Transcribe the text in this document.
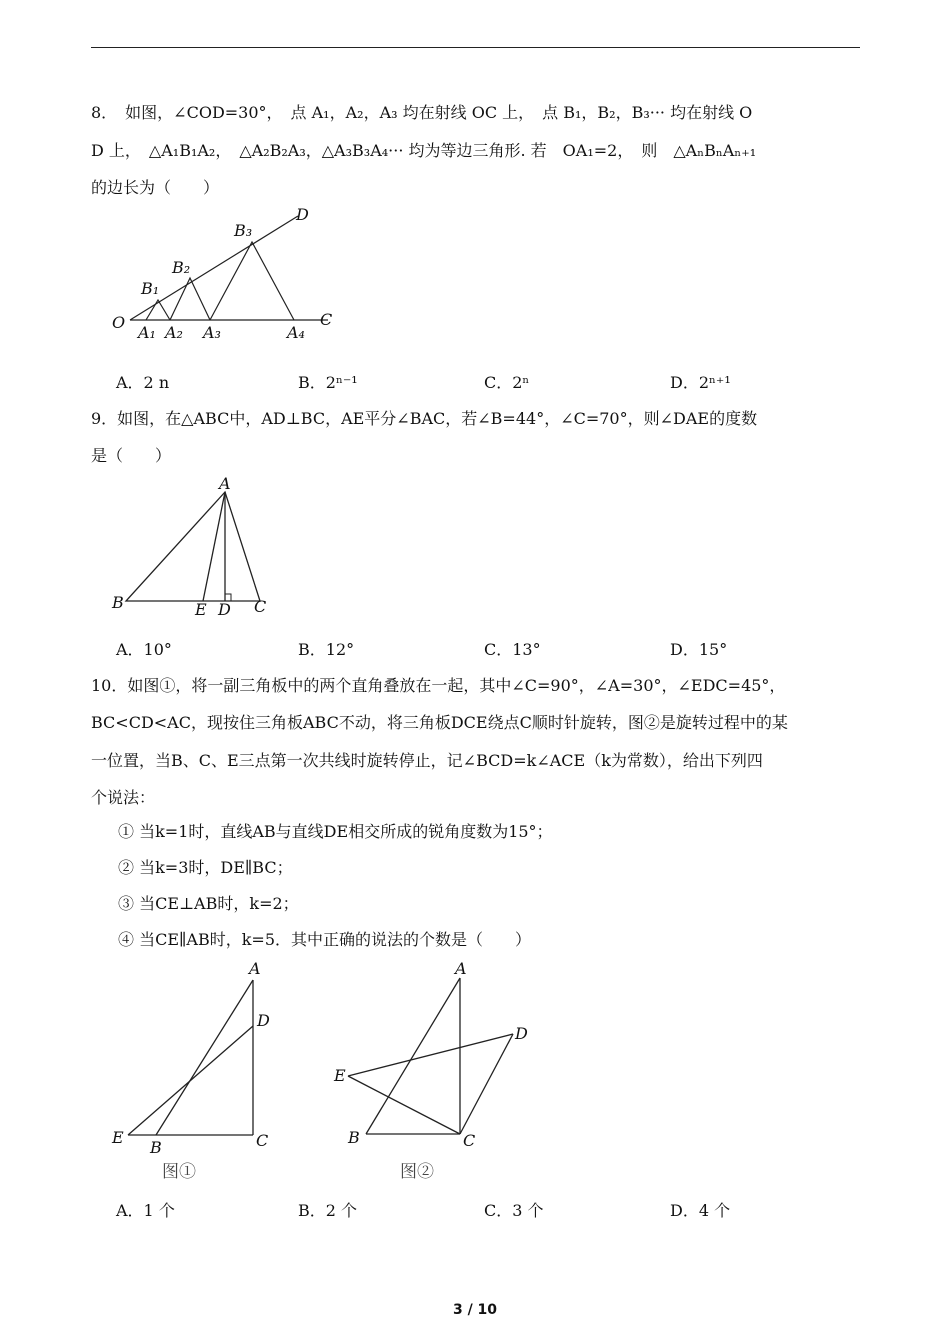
8．　如图，∠COD=30°，　点 A₁，A₂，A₃ 均在射线 OC 上，　点 B₁，B₂，B₃··· 均在射线 O
D 上，　△A₁B₁A₂，　△A₂B₂A₃，△A₃B₃A₄··· 均为等边三角形. 若　OA₁=2，　则　△AₙBₙAₙ₊₁
的边长为（　　）
D
B₃
B₂
B₁
O
A₁ A₂ A₃	A₄
C
A．2 n	B．2ⁿ⁻¹	C．2ⁿ	D．2ⁿ⁺¹
9．如图，在△ABC中，AD⊥BC，AE平分∠BAC，若∠B=44°，∠C=70°，则∠DAE的度数
是（　　）
A
B	E D C
A．10°	B．12°	C．13°	D．15°
10．如图①，将一副三角板中的两个直角叠放在一起，其中∠C=90°，∠A=30°，∠EDC=45°，
BC<CD<AC，现按住三角板ABC不动，将三角板DCE绕点C顺时针旋转，图②是旋转过程中的某
一位置，当B、C、E三点第一次共线时旋转停止，记∠BCD=k∠ACE（k为常数），给出下列四
个说法：
① 当k=1时，直线AB与直线DE相交所成的锐角度数为15°；
② 当k=3时，DE∥BC；
③ 当CE⊥AB时，k=2；
④ 当CE∥AB时，k=5．其中正确的说法的个数是（　　）
A
D
E
B	C
图①
A
D
E
B	C
图②
A．1 个	B．2 个	C．3 个	D．4 个
3 / 10
